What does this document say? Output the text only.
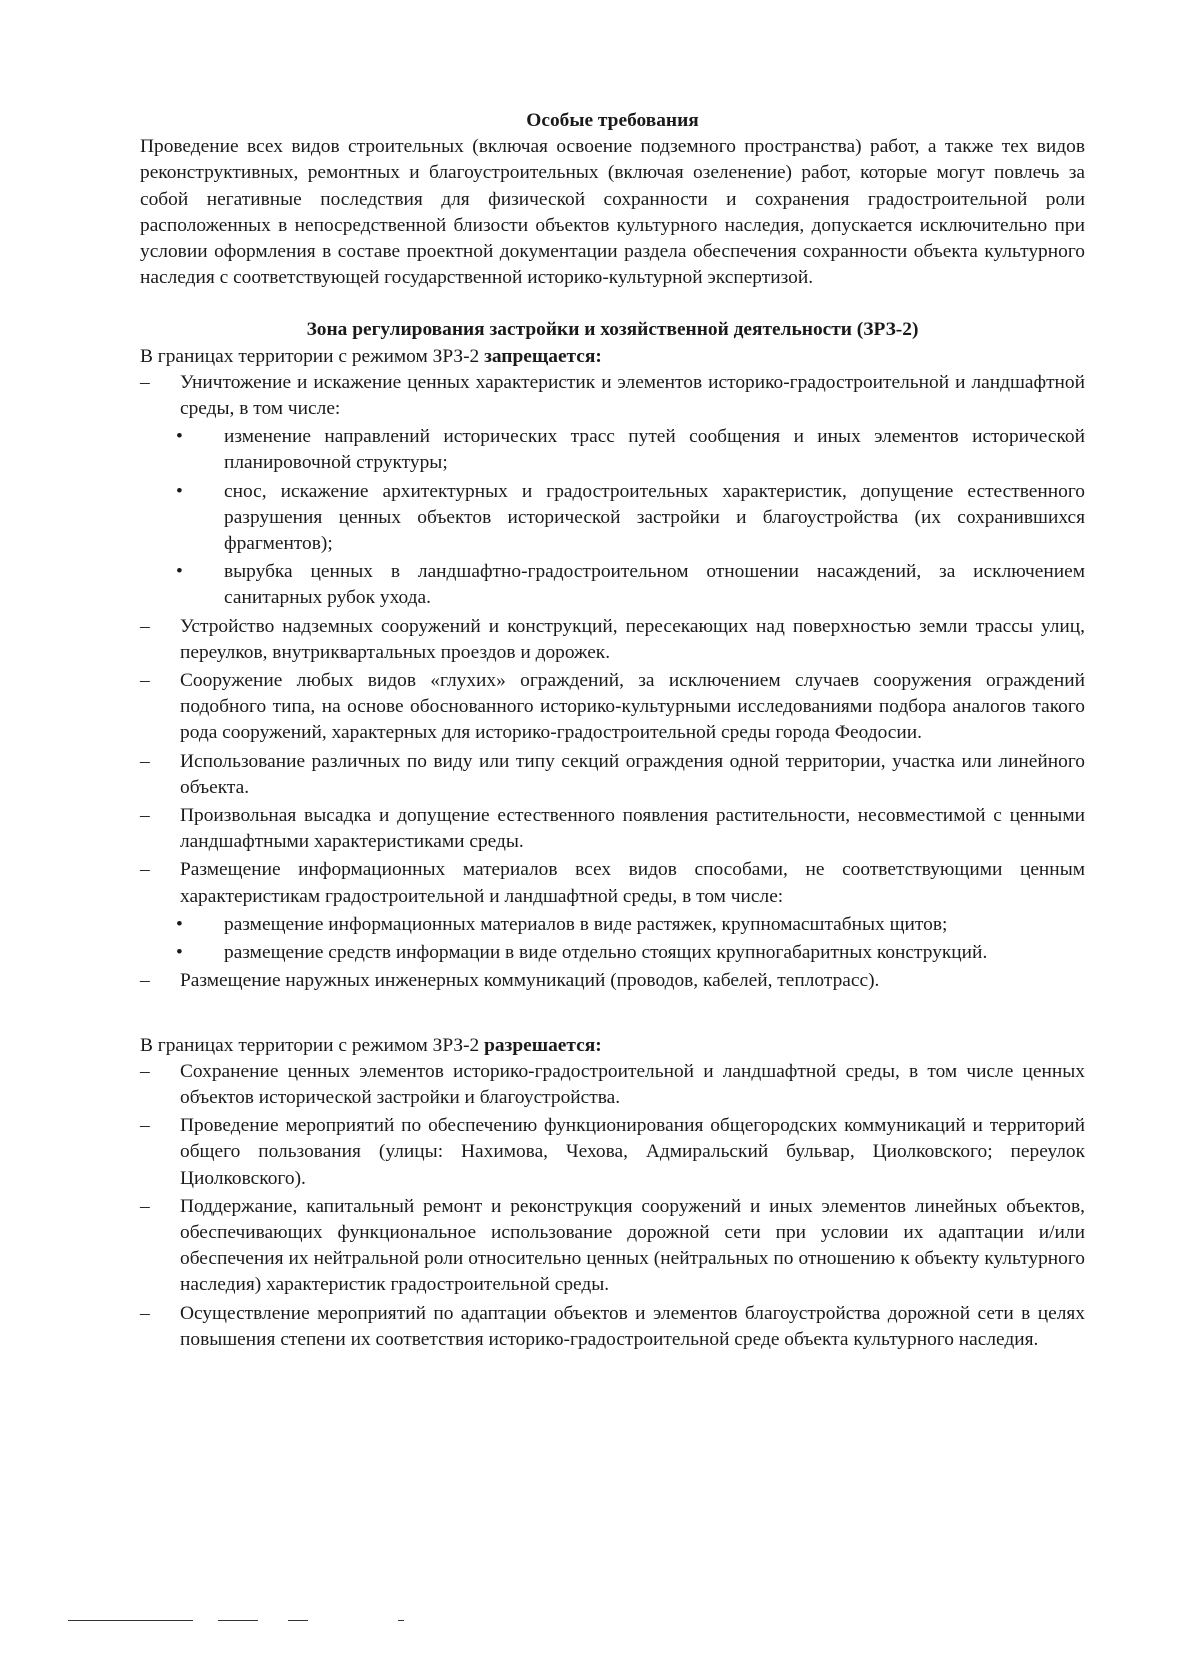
Особые требования

Проведение всех видов строительных (включая освоение подземного пространства) работ, а также тех видов реконструктивных, ремонтных и благоустроительных (включая озеленение) работ, которые могут повлечь за собой негативные последствия для физической сохранности и сохранения градостроительной роли расположенных в непосредственной близости объектов культурного наследия, допускается исключительно при условии оформления в составе проектной документации раздела обеспечения сохранности объекта культурного наследия с соответствующей государственной историко-культурной экспертизой.

Зона регулирования застройки и хозяйственной деятельности (ЗРЗ-2)

В границах территории с режимом ЗРЗ-2 запрещается:

– Уничтожение и искажение ценных характеристик и элементов историко-градостроительной и ландшафтной среды, в том числе:
• изменение направлений исторических трасс путей сообщения и иных элементов исторической планировочной структуры;
• снос, искажение архитектурных и градостроительных характеристик, допущение естественного разрушения ценных объектов исторической застройки и благоустройства (их сохранившихся фрагментов);
• вырубка ценных в ландшафтно-градостроительном отношении насаждений, за исключением санитарных рубок ухода.
– Устройство надземных сооружений и конструкций, пересекающих над поверхностью земли трассы улиц, переулков, внутриквартальных проездов и дорожек.
– Сооружение любых видов «глухих» ограждений, за исключением случаев сооружения ограждений подобного типа, на основе обоснованного историко-культурными исследованиями подбора аналогов такого рода сооружений, характерных для историко-градостроительной среды города Феодосии.
– Использование различных по виду или типу секций ограждения одной территории, участка или линейного объекта.
– Произвольная высадка и допущение естественного появления растительности, несовместимой с ценными ландшафтными характеристиками среды.
– Размещение информационных материалов всех видов способами, не соответствующими ценным характеристикам градостроительной и ландшафтной среды, в том числе:
• размещение информационных материалов в виде растяжек, крупномасштабных щитов;
• размещение средств информации в виде отдельно стоящих крупногабаритных конструкций.
– Размещение наружных инженерных коммуникаций (проводов, кабелей, теплотрасс).

В границах территории с режимом ЗРЗ-2 разрешается:

– Сохранение ценных элементов историко-градостроительной и ландшафтной среды, в том числе ценных объектов исторической застройки и благоустройства.
– Проведение мероприятий по обеспечению функционирования общегородских коммуникаций и территорий общего пользования (улицы: Нахимова, Чехова, Адмиральский бульвар, Циолковского; переулок Циолковского).
– Поддержание, капитальный ремонт и реконструкция сооружений и иных элементов линейных объектов, обеспечивающих функциональное использование дорожной сети при условии их адаптации и/или обеспечения их нейтральной роли относительно ценных (нейтральных по отношению к объекту культурного наследия) характеристик градостроительной среды.
– Осуществление мероприятий по адаптации объектов и элементов благоустройства дорожной сети в целях повышения степени их соответствия историко-градостроительной среде объекта культурного наследия.
